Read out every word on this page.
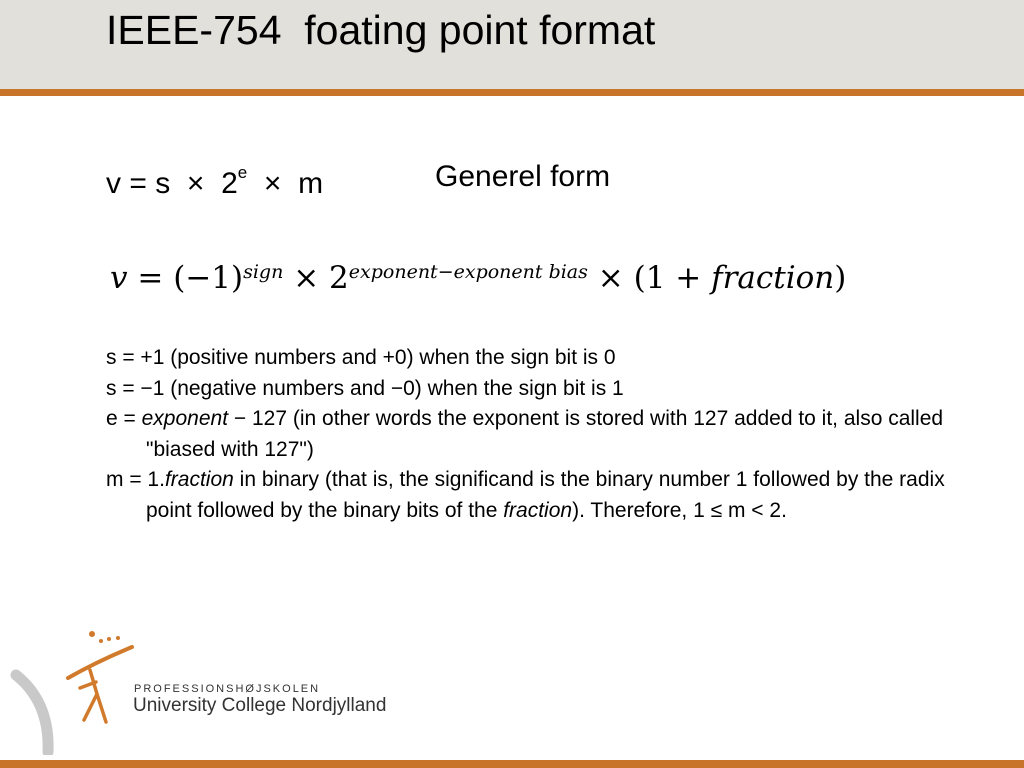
IEEE-754  foating point format
$v = s \times 2^e \times m$	Generel form
$v = (-1)^{sign} \times 2^{exponent-exponent bias} \times (1$ + fraction)
s = +1 (positive numbers and +0) when the sign bit is 0
s = −1 (negative numbers and −0) when the sign bit is 1
e = exponent − 127 (in other words the exponent is stored with 127 added to it, also called "biased with 127")
m = 1.fraction in binary (that is, the significand is the binary number 1 followed by the radix point followed by the binary bits of the fraction). Therefore, 1 ≤ m < 2.
PROFESSIONSHØJSKOLEN
University College Nordjylland
